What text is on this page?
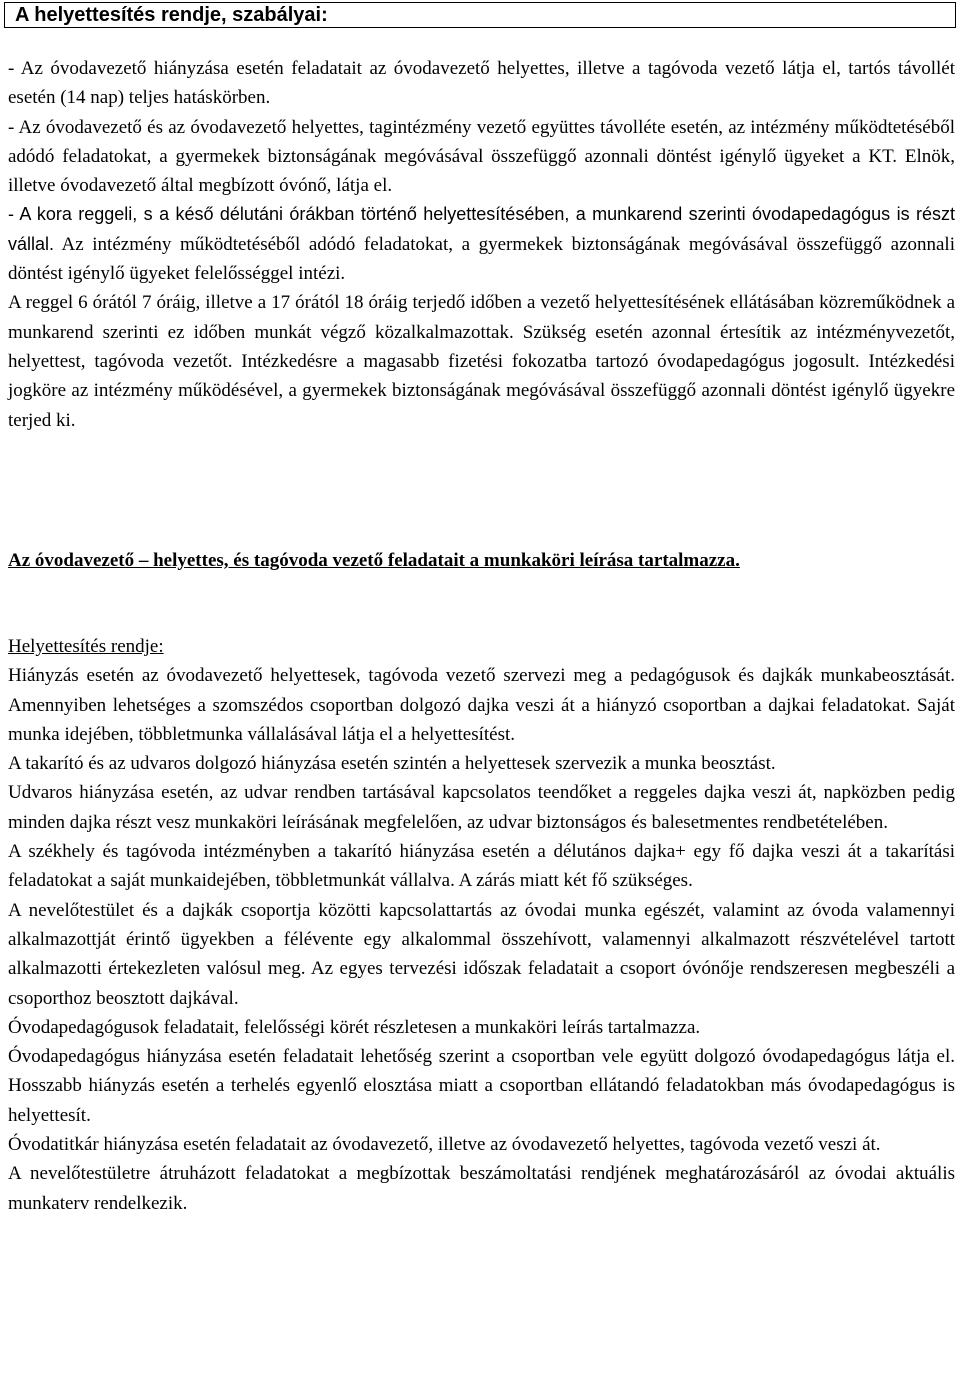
A helyettesítés rendje, szabályai:

- Az óvodavezető hiányzása esetén feladatait az óvodavezető helyettes, illetve a tagóvoda vezető látja el, tartós távollét esetén (14 nap) teljes hatáskörben.

- Az óvodavezető és az óvodavezető helyettes, tagintézmény vezető együttes távolléte esetén, az intézmény működtetéséből adódó feladatokat, a gyermekek biztonságának megóvásával összefüggő azonnali döntést igénylő ügyeket a KT. Elnök, illetve óvodavezető által megbízott óvónő, látja el.

- A kora reggeli, s a késő délutáni órákban történő helyettesítésében, a munkarend szerinti óvodapedagógus is részt vállal. Az intézmény működtetéséből adódó feladatokat, a gyermekek biztonságának megóvásával összefüggő azonnali döntést igénylő ügyeket felelősséggel intézi.

A reggel 6 órától 7 óráig, illetve a 17 órától 18 óráig terjedő időben a vezető helyettesítésének ellátásában közreműködnek a munkarend szerinti ez időben munkát végző közalkalmazottak. Szükség esetén azonnal értesítik az intézményvezetőt, helyettest, tagóvoda vezetőt. Intézkedésre a magasabb fizetési fokozatba tartozó óvodapedagógus jogosult. Intézkedési jogköre az intézmény működésével, a gyermekek biztonságának megóvásával összefüggő azonnali döntést igénylő ügyekre terjed ki.

Az óvodavezető – helyettes, és tagóvoda vezető feladatait a munkaköri leírása tartalmazza.

Helyettesítés rendje:

Hiányzás esetén az óvodavezető helyettesek, tagóvoda vezető szervezi meg a pedagógusok és dajkák munkabeosztását. Amennyiben lehetséges a szomszédos csoportban dolgozó dajka veszi át a hiányzó csoportban a dajkai feladatokat. Saját munka idejében, többletmunka vállalásával látja el a helyettesítést.

A takarító és az udvaros dolgozó hiányzása esetén szintén a helyettesek szervezik a munka beosztást.

Udvaros hiányzása esetén, az udvar rendben tartásával kapcsolatos teendőket a reggeles dajka veszi át, napközben pedig minden dajka részt vesz munkaköri leírásának megfelelően, az udvar biztonságos és balesetmentes rendbetételében.

A székhely és tagóvoda intézményben a takarító hiányzása esetén a délutános dajka+ egy fő dajka veszi át a takarítási feladatokat a saját munkaidejében, többletmunkát vállalva. A zárás miatt két fő szükséges.

A nevelőtestület és a dajkák csoportja közötti kapcsolattartás az óvodai munka egészét, valamint az óvoda valamennyi alkalmazottját érintő ügyekben a félévente egy alkalommal összehívott, valamennyi alkalmazott részvételével tartott alkalmazotti értekezleten valósul meg. Az egyes tervezési időszak feladatait a csoport óvónője rendszeresen megbeszéli a csoporthoz beosztott dajkával.

Óvodapedagógusok feladatait, felelősségi körét részletesen a munkaköri leírás tartalmazza.

Óvodapedagógus hiányzása esetén feladatait lehetőség szerint a csoportban vele együtt dolgozó óvodapedagógus látja el. Hosszabb hiányzás esetén a terhelés egyenlő elosztása miatt a csoportban ellátandó feladatokban más óvodapedagógus is helyettesít.

Óvodatitkár hiányzása esetén feladatait az óvodavezető, illetve az óvodavezető helyettes, tagóvoda vezető veszi át.

A nevelőtestületre átruházott feladatokat a megbízottak beszámoltatási rendjének meghatározásáról az óvodai aktuális munkaterv rendelkezik.
